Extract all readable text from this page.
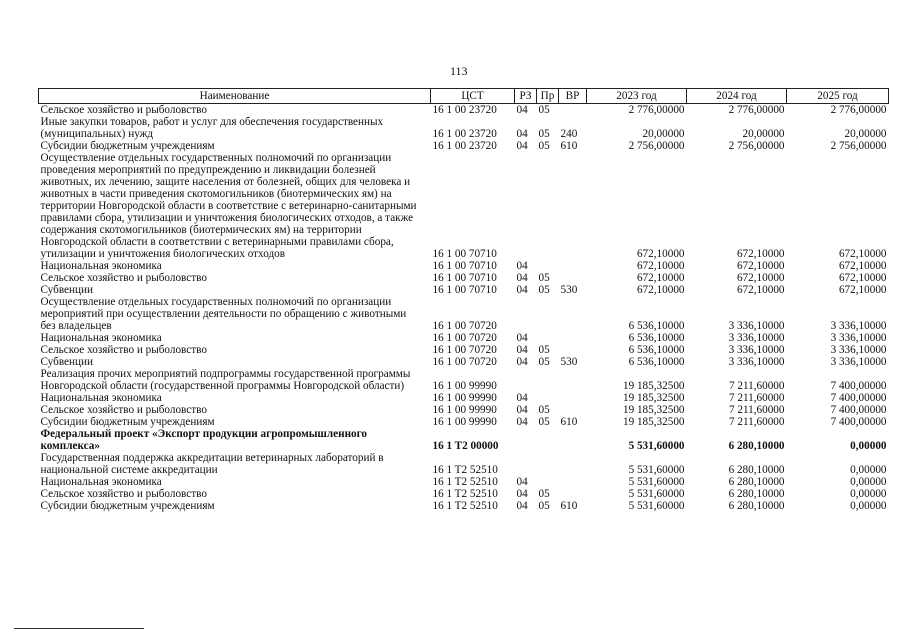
113
Наименование	ЦСТ	РЗ	Пр	ВР	2023 год	2024 год	2025 год
Сельское хозяйство и рыболовство	16 1 00 23720	04	05		2 776,00000	2 776,00000	2 776,00000
Иные закупки товаров, работ и услуг для обеспечения государственных (муниципальных) нужд	16 1 00 23720	04	05	240	20,00000	20,00000	20,00000
Субсидии бюджетным учреждениям	16 1 00 23720	04	05	610	2 756,00000	2 756,00000	2 756,00000
Осуществление отдельных государственных полномочий по организации проведения мероприятий по предупреждению и ликвидации болезней животных, их лечению, защите населения от болезней, общих для человека и животных в части приведения скотомогильников (биотермических ям) на территории Новгородской области в соответствие с ветеринарно-санитарными правилами сбора, утилизации и уничтожения биологических отходов, а также содержания скотомогильников (биотермических ям) на территории Новгородской области в соответствии с ветеринарными правилами сбора, утилизации и уничтожения биологических отходов	16 1 00 70710				672,10000	672,10000	672,10000
Национальная экономика	16 1 00 70710	04			672,10000	672,10000	672,10000
Сельское хозяйство и рыболовство	16 1 00 70710	04	05		672,10000	672,10000	672,10000
Субвенции	16 1 00 70710	04	05	530	672,10000	672,10000	672,10000
Осуществление отдельных государственных полномочий по организации мероприятий при осуществлении деятельности по обращению с животными без владельцев	16 1 00 70720				6 536,10000	3 336,10000	3 336,10000
Национальная экономика	16 1 00 70720	04			6 536,10000	3 336,10000	3 336,10000
Сельское хозяйство и рыболовство	16 1 00 70720	04	05		6 536,10000	3 336,10000	3 336,10000
Субвенции	16 1 00 70720	04	05	530	6 536,10000	3 336,10000	3 336,10000
Реализация прочих мероприятий подпрограммы государственной программы Новгородской области (государственной программы Новгородской области)	16 1 00 99990				19 185,32500	7 211,60000	7 400,00000
Национальная экономика	16 1 00 99990	04			19 185,32500	7 211,60000	7 400,00000
Сельское хозяйство и рыболовство	16 1 00 99990	04	05		19 185,32500	7 211,60000	7 400,00000
Субсидии бюджетным учреждениям	16 1 00 99990	04	05	610	19 185,32500	7 211,60000	7 400,00000
Федеральный проект «Экспорт продукции агропромышленного комплекса»	16 1 T2 00000				5 531,60000	6 280,10000	0,00000
Государственная поддержка аккредитации ветеринарных лабораторий в национальной системе аккредитации	16 1 T2 52510				5 531,60000	6 280,10000	0,00000
Национальная экономика	16 1 T2 52510	04			5 531,60000	6 280,10000	0,00000
Сельское хозяйство и рыболовство	16 1 T2 52510	04	05		5 531,60000	6 280,10000	0,00000
Субсидии бюджетным учреждениям	16 1 T2 52510	04	05	610	5 531,60000	6 280,10000	0,00000
